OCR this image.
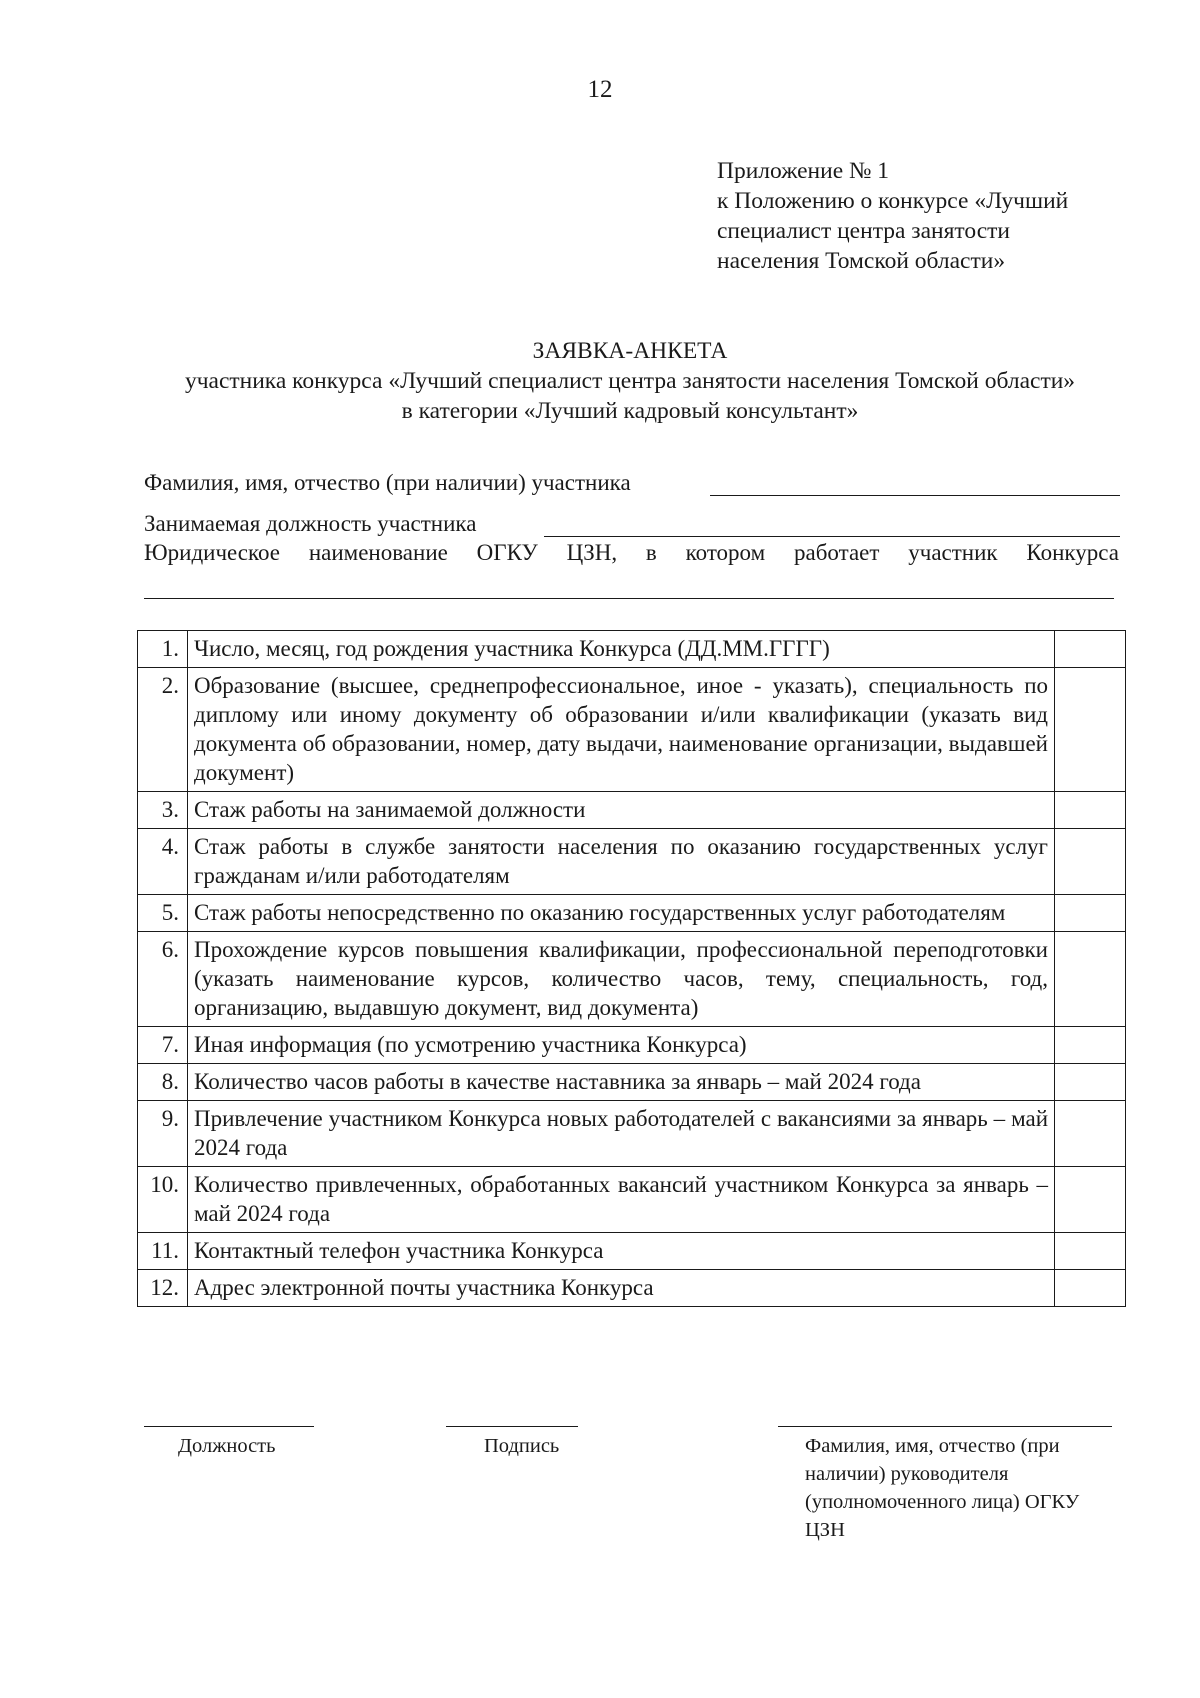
12
Приложение № 1
к Положению о конкурсе «Лучший
специалист центра занятости
населения Томской области»
ЗАЯВКА-АНКЕТА
участника конкурса «Лучший специалист центра занятости населения Томской области»
в категории «Лучший кадровый консультант»
Фамилия, имя, отчество (при наличии) участника
Занимаемая должность участника
Юридическое наименование ОГКУ ЦЗН, в котором работает участник Конкурса
1.	Число, месяц, год рождения участника Конкурса (ДД.ММ.ГГГГ)	
2.	Образование (высшее, среднепрофессиональное, иное - указать), специальность по диплому или иному документу об образовании и/или квалификации (указать вид документа об образовании, номер, дату выдачи, наименование организации, выдавшей документ)	
3.	Стаж работы на занимаемой должности	
4.	Стаж работы в службе занятости населения по оказанию государственных услуг гражданам и/или работодателям	
5.	Стаж работы непосредственно по оказанию государственных услуг работодателям	
6.	Прохождение курсов повышения квалификации, профессиональной переподготовки (указать наименование курсов, количество часов, тему, специальность, год, организацию, выдавшую документ, вид документа)	
7.	Иная информация (по усмотрению участника Конкурса)	
8.	Количество часов работы в качестве наставника за январь – май 2024 года	
9.	Привлечение участником Конкурса новых работодателей с вакансиями за январь – май 2024 года	
10.	Количество привлеченных, обработанных вакансий участником Конкурса за январь – май 2024 года	
11.	Контактный телефон участника Конкурса	
12.	Адрес электронной почты участника Конкурса	
Должность	Подпись	Фамилия, имя, отчество (при
наличии) руководителя
(уполномоченного лица) ОГКУ
ЦЗН
